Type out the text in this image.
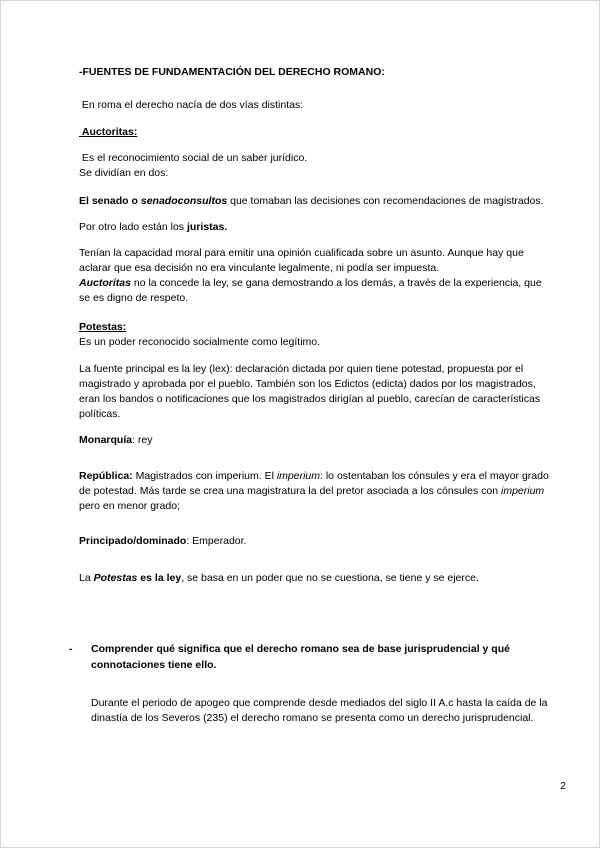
-FUENTES DE FUNDAMENTACIÓN DEL DERECHO ROMANO:
En roma el derecho nacía de dos vías distintas:
Auctoritas:
Es el reconocimiento social de un saber jurídico.
Se dividían en dos:
El senado o senadoconsultos que tomaban las decisiones con recomendaciones de magistrados.
Por otro lado están los juristas.
Tenían la capacidad moral para emitir una opinión cualificada sobre un asunto. Aunque hay que aclarar que esa decisión no era vinculante legalmente, ni podía ser impuesta.
Auctoritas no la concede la ley, se gana demostrando a los demás, a través de la experiencia, que se es digno de respeto.
Potestas:
Es un poder reconocido socialmente como legítimo.
La fuente principal es la ley (lex): declaración dictada por quien tiene potestad, propuesta por el magistrado y aprobada por el pueblo. También son los Edictos (edicta) dados por los magistrados, eran los bandos o notificaciones que los magistrados dirigían al pueblo, carecían de características políticas.
Monarquía: rey
República: Magistrados con imperium. El imperium: lo ostentaban los cónsules y era el mayor grado de potestad. Más tarde se crea una magistratura la del pretor asociada a los cónsules con imperium pero en menor grado;
Principado/dominado: Emperador.
La Potestas es la ley, se basa en un poder que no se cuestiona, se tiene y se ejerce.
-	Comprender qué significa que el derecho romano sea de base jurisprudencial y qué connotaciones tiene ello.
Durante el periodo de apogeo que comprende desde mediados del siglo II A.c hasta la caída de la dinastía de los Severos (235) el derecho romano se presenta como un derecho jurisprudencial.
2
